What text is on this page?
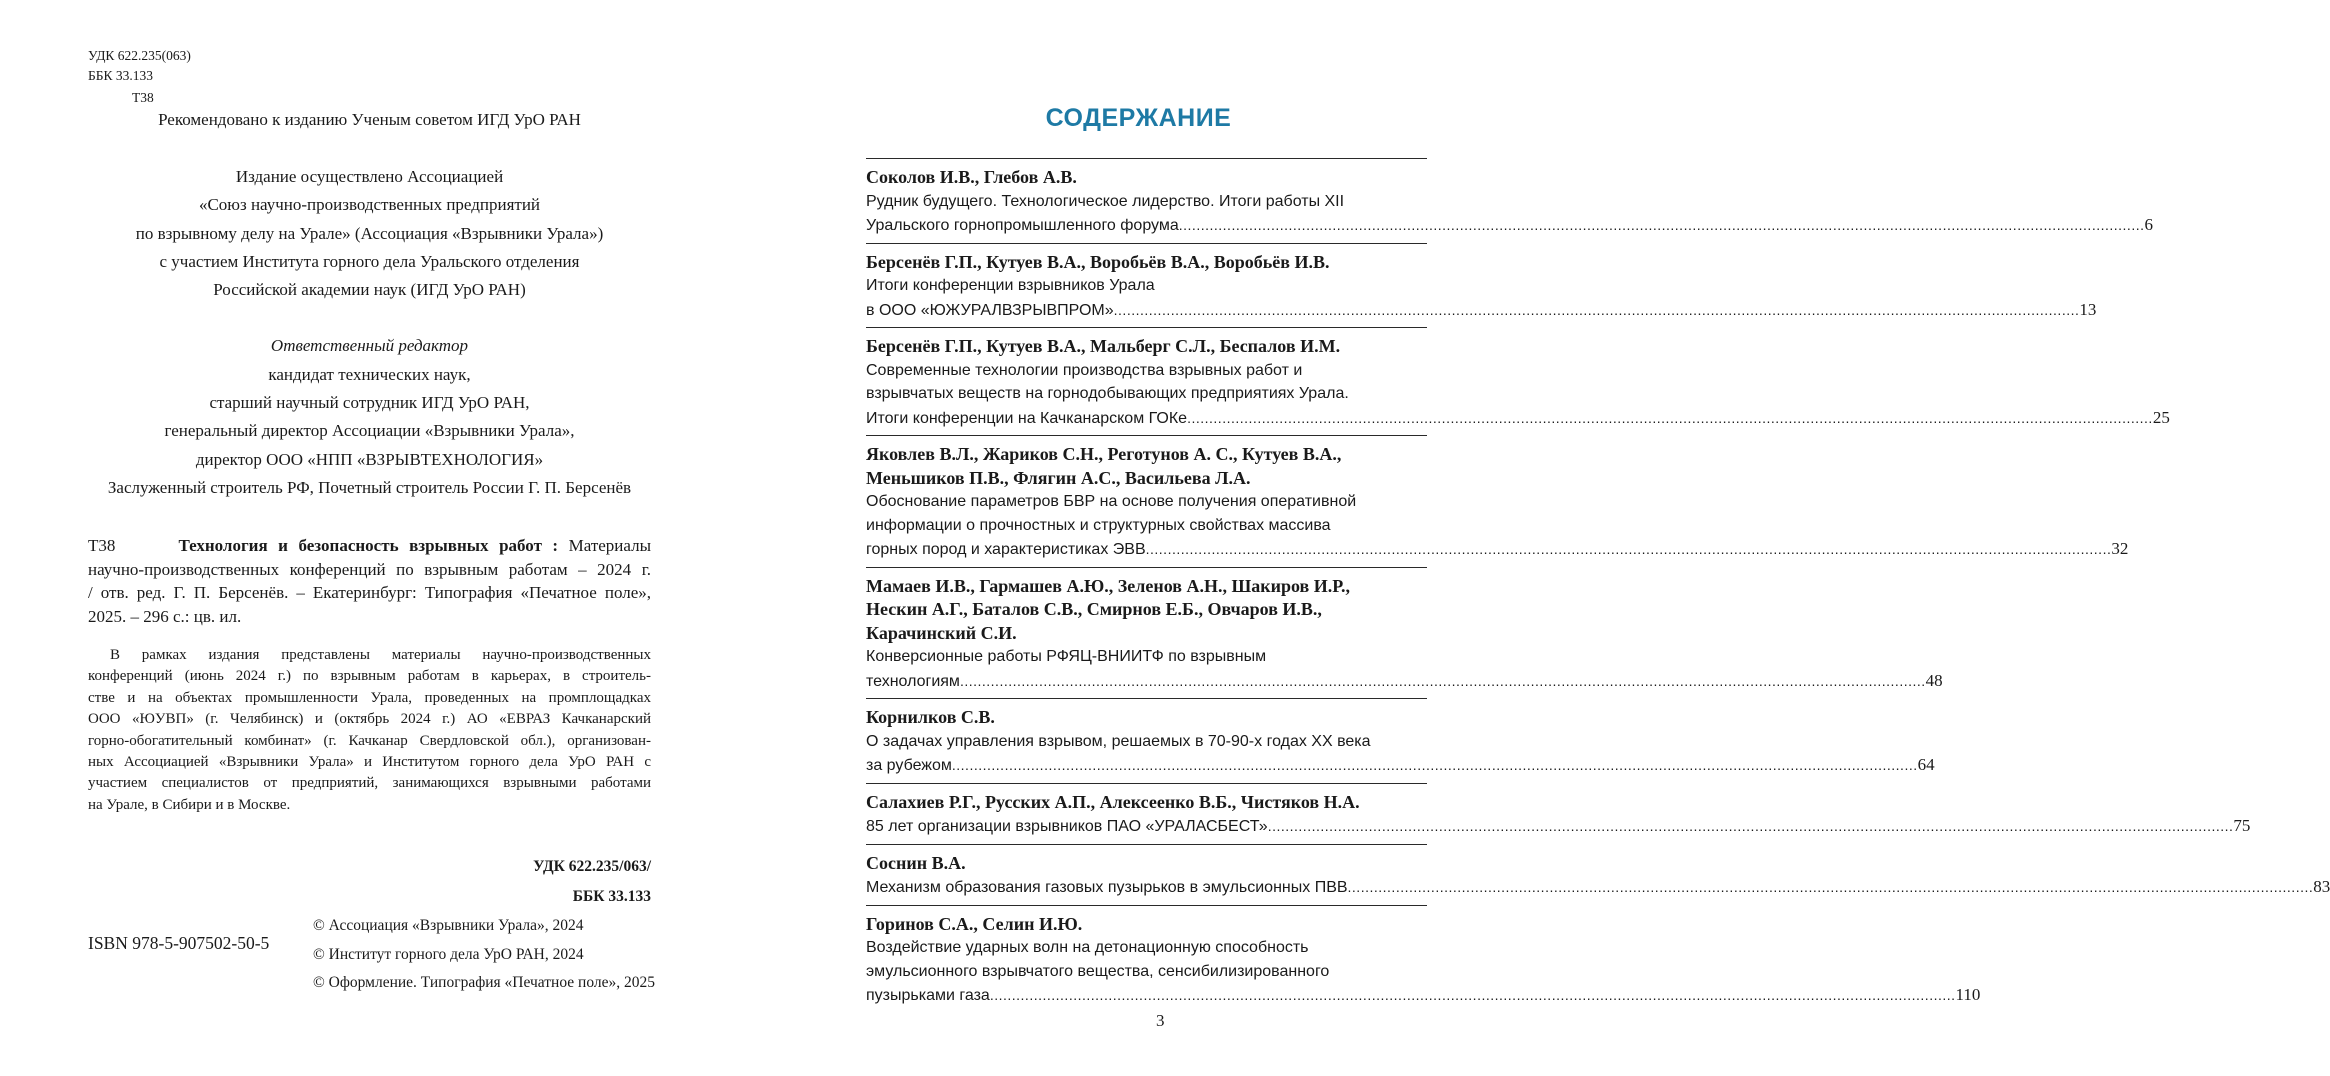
УДК 622.235(063)
ББК 33.133
Т38
Рекомендовано к изданию Ученым советом ИГД УрО РАН
Издание осуществлено Ассоциацией
«Союз научно-производственных предприятий
по взрывному делу на Урале» (Ассоциация «Взрывники Урала»)
с участием Института горного дела Уральского отделения
Российской академии наук (ИГД УрО РАН)
Ответственный редактор
кандидат технических наук,
старший научный сотрудник ИГД УрО РАН,
генеральный директор Ассоциации «Взрывники Урала»,
директор ООО «НПП «ВЗРЫВТЕХНОЛОГИЯ»
Заслуженный строитель РФ, Почетный строитель России Г. П. Берсенёв
Т38	Технология и безопасность взрывных работ : Материалы
научно-производственных конференций по взрывным работам – 2024 г.
/ отв. ред. Г. П. Берсенёв. – Екатеринбург: Типография «Печатное поле»,
2025. – 296 с.: цв. ил.
В рамках издания представлены материалы научно-производственных
конференций (июнь 2024 г.) по взрывным работам в карьерах, в строитель-
стве и на объектах промышленности Урала, проведенных на промплощадках
ООО «ЮУВП» (г. Челябинск) и (октябрь 2024 г.) АО «ЕВРАЗ Качканарский
горно-обогатительный комбинат» (г. Качканар Свердловской обл.), организован-
ных Ассоциацией «Взрывники Урала» и Институтом горного дела УрО РАН с
участием специалистов от предприятий, занимающихся взрывными работами
на Урале, в Сибири и в Москве.
УДК 622.235/063/
ББК 33.133
ISBN 978-5-907502-50-5
© Ассоциация «Взрывники Урала», 2024
© Институт горного дела УрО РАН, 2024
© Оформление. Типография «Печатное поле», 2025
СОДЕРЖАНИЕ
Соколов И.В., Глебов А.В.
Рудник будущего. Технологическое лидерство. Итоги работы XII
Уральского горнопромышленного форума ............................................................................................................................................................................................................................ 6
Берсенёв Г.П., Кутуев В.А., Воробьёв В.А., Воробьёв И.В.
Итоги конференции взрывников Урала
в ООО «ЮЖУРАЛВЗРЫВПРОМ» ............................................................................................................................................................................................................................ 13
Берсенёв Г.П., Кутуев В.А., Мальберг С.Л., Беспалов И.М.
Современные технологии производства взрывных работ и
взрывчатых веществ на горнодобывающих предприятиях Урала.
Итоги конференции на Качканарском ГОКе ............................................................................................................................................................................................................................ 25
Яковлев В.Л., Жариков С.Н., Реготунов А. С., Кутуев В.А.,
Меньшиков П.В., Флягин А.С., Васильева Л.А.
Обоснование параметров БВР на основе получения оперативной
информации о прочностных и структурных свойствах массива
горных пород и характеристиках ЭВВ ............................................................................................................................................................................................................................ 32
Мамаев И.В., Гармашев А.Ю., Зеленов А.Н., Шакиров И.Р.,
Нескин А.Г., Баталов С.В., Смирнов Е.Б., Овчаров И.В.,
Карачинский С.И.
Конверсионные работы РФЯЦ-ВНИИТФ по взрывным
технологиям ............................................................................................................................................................................................................................ 48
Корнилков С.В.
О задачах управления взрывом, решаемых в 70-90-х годах XX века
за рубежом ............................................................................................................................................................................................................................ 64
Салахиев Р.Г., Русских А.П., Алексеенко В.Б., Чистяков Н.А.
85 лет организации взрывников ПАО «УРАЛАСБЕСТ» ............................................................................................................................................................................................................................ 75
Соснин В.А.
Механизм образования газовых пузырьков в эмульсионных ПВВ ............................................................................................................................................................................................................................ 83
Горинов С.А., Селин И.Ю.
Воздействие ударных волн на детонационную способность
эмульсионного взрывчатого вещества, сенсибилизированного
пузырьками газа ............................................................................................................................................................................................................................ 110
3
